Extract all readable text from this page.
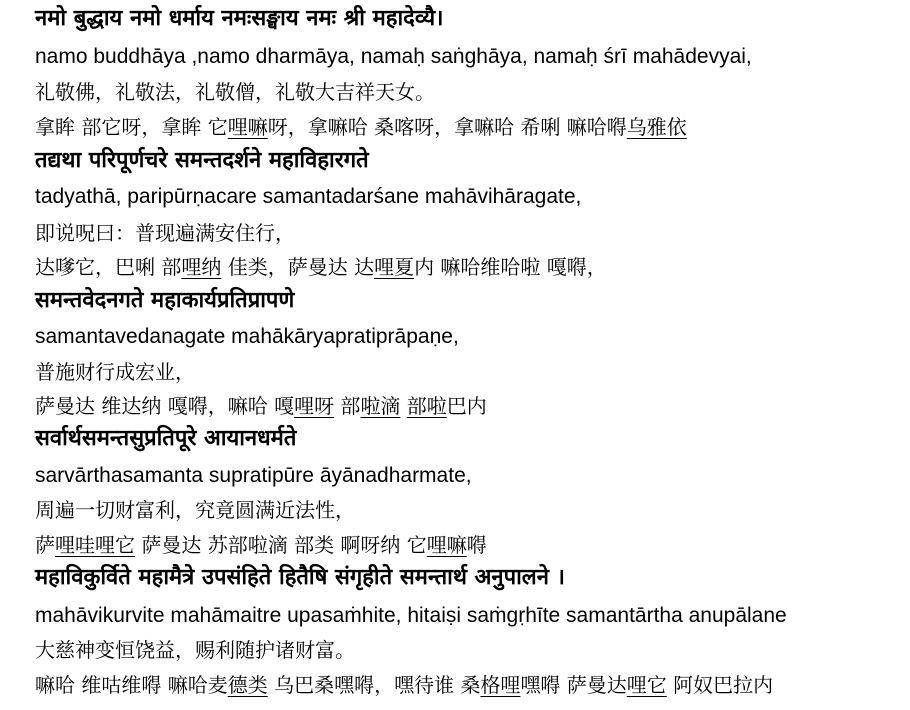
नमो बुद्धाय नमो धर्माय नमःसङ्घाय नमः श्री महादेव्यै।
namo buddhāya ,namo dharmāya, namaḥ saṅghāya, namaḥ śrī mahādevyai,
礼敬佛，礼敬法，礼敬僧，礼敬大吉祥天女。
拿眸 部它呀，拿眸 它哩嘛呀，拿嘛哈 桑喀呀，拿嘛哈 希唎 嘛哈嘚乌雅依
तद्यथा परिपूर्णचरे समन्तदर्शने महाविहारगते
tadyathā, paripūrṇacare samantadarśane mahāvihāragate,
即说呪曰：普现遍满安住行，
达嗲它，巴唎 部哩纳 佳类，萨曼达 达哩夏内 嘛哈维哈啦 嘎嘚，
समन्तवेदनगते महाकार्यप्रतिप्रापणे
samantavedanagate mahākāryapratiprāpaṇe,
普施财行成宏业，
萨曼达 维达纳 嘎嘚，嘛哈 嘎哩呀 部啦滴 部啦巴内
सर्वार्थसमन्तसुप्रतिपूरे आयानधर्मते
sarvārthasamanta supratipūre āyānadharmate,
周遍一切财富利，究竟圆满近法性，
萨哩哇哩它 萨曼达 苏部啦滴 部类 啊呀纳 它哩嘛嘚
महाविकुर्विते महामैत्रे उपसंहिते हितैषि संगृहीते समन्तार्थ अनुपालने ।
mahāvikurvite mahāmaitre upasaṁhite, hitaiṣi saṁgṛhīte samantārtha anupālane
大慈神变恒饶益，赐利随护诸财富。
嘛哈 维咕维嘚 嘛哈麦德类 乌巴桑嘿嘚，嘿待谁 桑格哩嘿嘚 萨曼达哩它 阿奴巴拉内
